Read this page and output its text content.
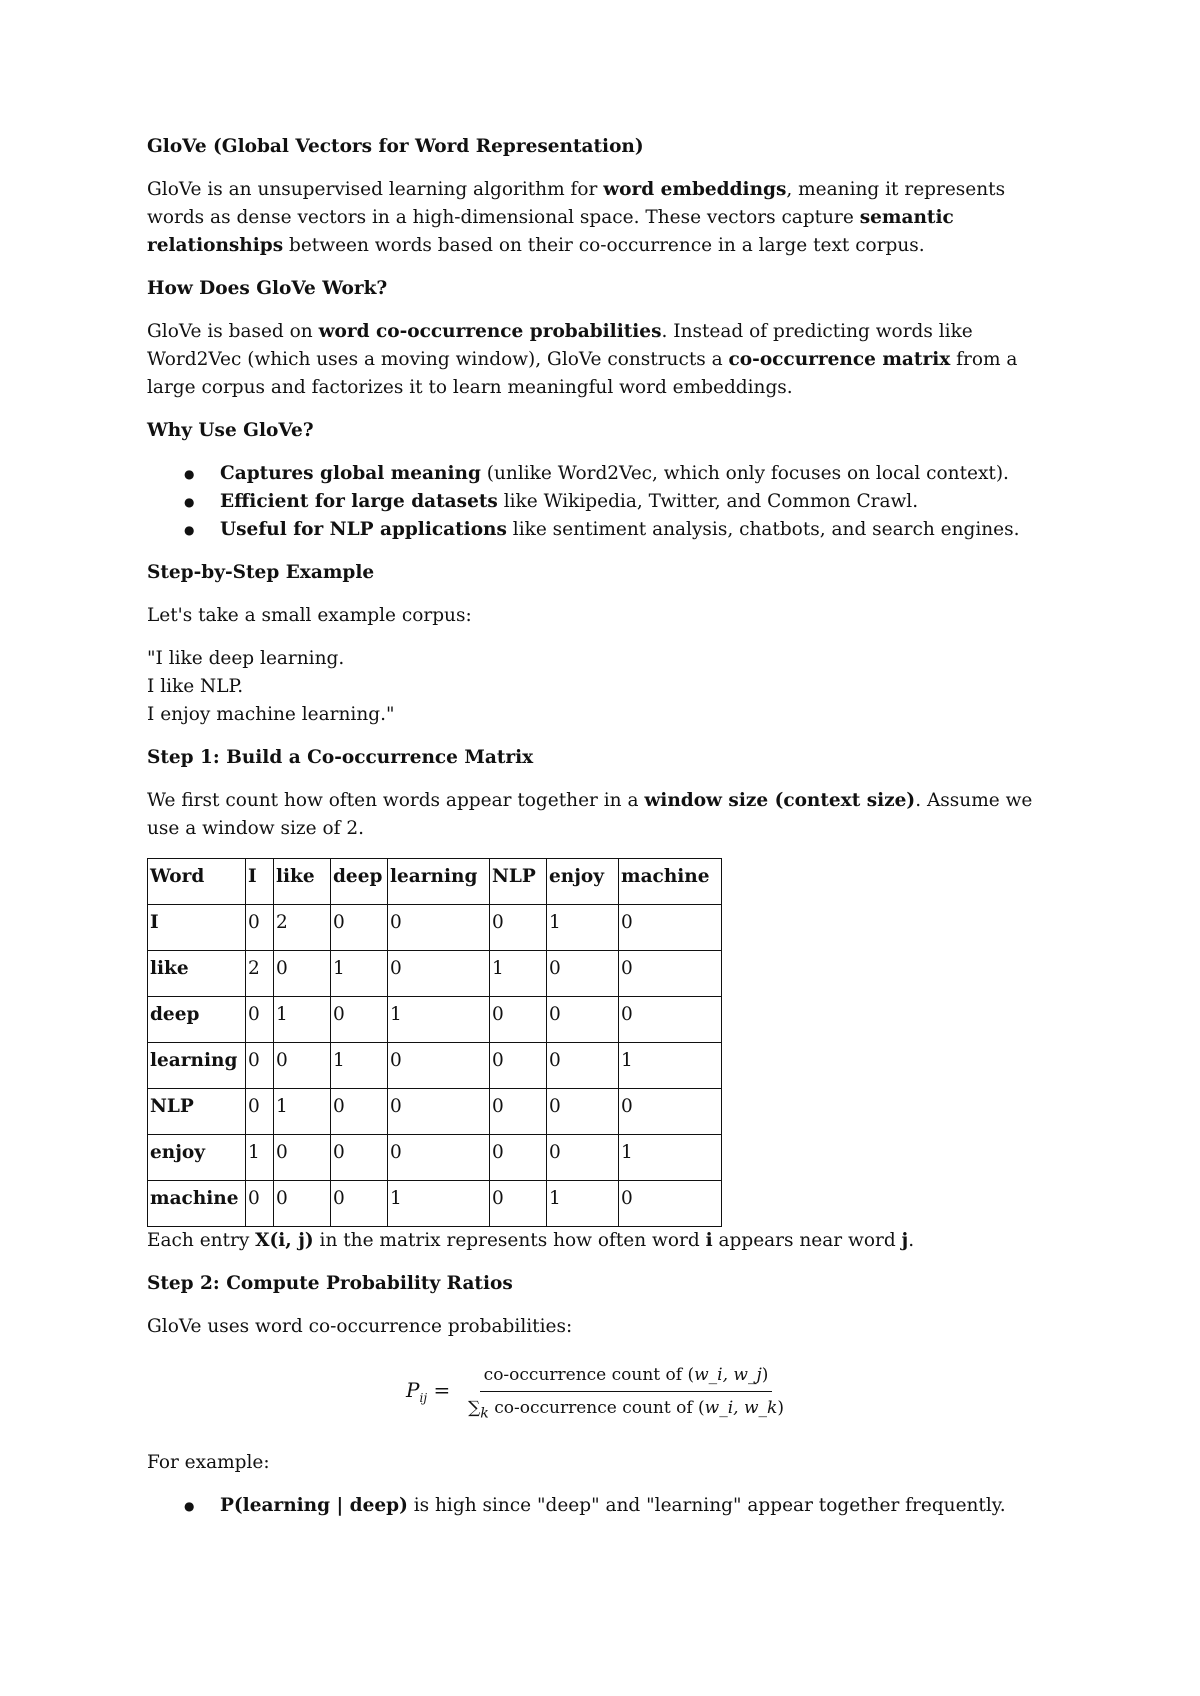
GloVe (Global Vectors for Word Representation)

GloVe is an unsupervised learning algorithm for word embeddings, meaning it represents words as dense vectors in a high-dimensional space. These vectors capture semantic relationships between words based on their co-occurrence in a large text corpus.

How Does GloVe Work?

GloVe is based on word co-occurrence probabilities. Instead of predicting words like Word2Vec (which uses a moving window), GloVe constructs a co-occurrence matrix from a large corpus and factorizes it to learn meaningful word embeddings.

Why Use GloVe?
● Captures global meaning (unlike Word2Vec, which only focuses on local context).
● Efficient for large datasets like Wikipedia, Twitter, and Common Crawl.
● Useful for NLP applications like sentiment analysis, chatbots, and search engines.
Step-by-Step Example

Let's take a small example corpus:

"I like deep learning.
I like NLP.
I enjoy machine learning."
Step 1: Build a Co-occurrence Matrix

We first count how often words appear together in a window size (context size). Assume we use a window size of 2.

Word	I	like	deep	learning	NLP	enjoy	machine
I	0	2	0	0	0	1	0
like	2	0	1	0	1	0	0
deep	0	1	0	1	0	0	0
learning	0	0	1	0	0	0	1
NLP	0	1	0	0	0	0	0
enjoy	1	0	0	0	0	0	1
machine	0	0	0	1	0	1	0

Each entry X(i, j) in the matrix represents how often word i appears near word j.

Step 2: Compute Probability Ratios

GloVe uses word co-occurrence probabilities:

$P_{ij} = \frac{\text{co-occurrence count of (w\_i, w\_j)}}{\sum_k co-occurrence count of (w\_i, w\_k)}$

For example:

● P(learning | deep) is high since "deep" and "learning" appear together frequently.
